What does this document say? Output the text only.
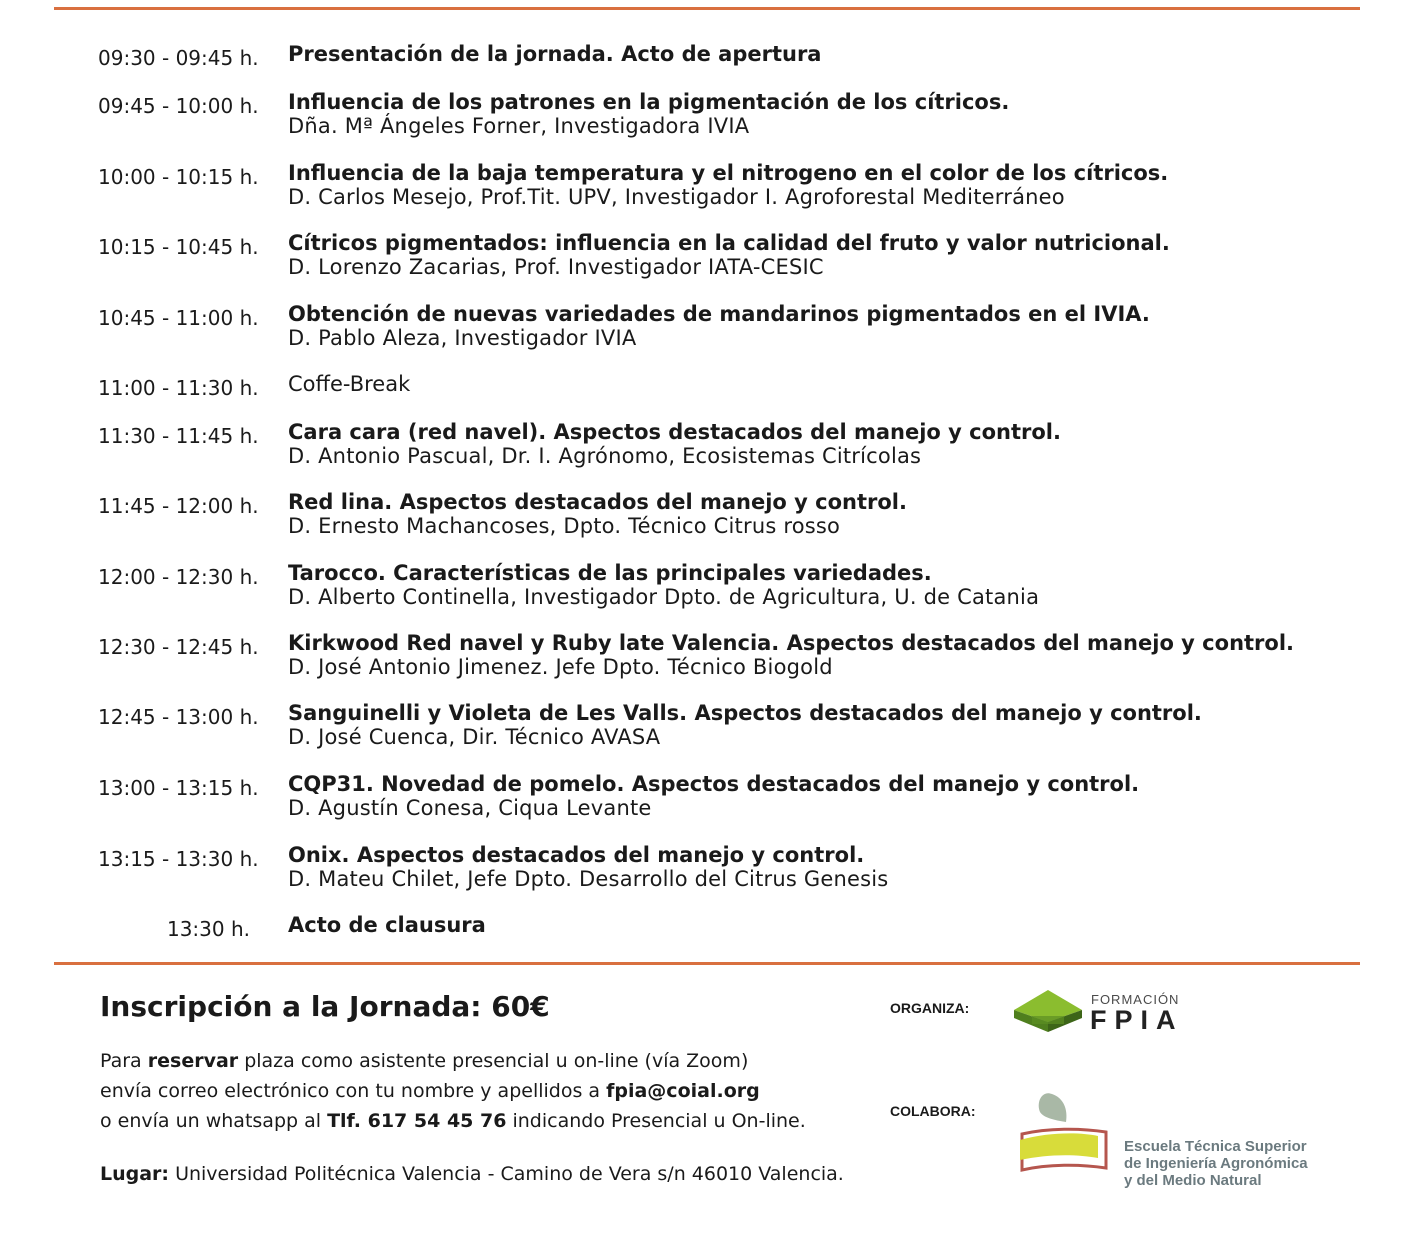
09:30 - 09:45 h. Presentación de la jornada. Acto de apertura
09:45 - 10:00 h. Influencia de los patrones en la pigmentación de los cítricos.
Dña. Mª Ángeles Forner, Investigadora IVIA
10:00 - 10:15 h. Influencia de la baja temperatura y el nitrogeno en el color de los cítricos.
D. Carlos Mesejo, Prof.Tit. UPV, Investigador I. Agroforestal Mediterráneo
10:15 - 10:45 h. Cítricos pigmentados: influencia en la calidad del fruto y valor nutricional.
D. Lorenzo Zacarias, Prof. Investigador IATA-CESIC
10:45 - 11:00 h. Obtención de nuevas variedades de mandarinos pigmentados en el IVIA.
D. Pablo Aleza, Investigador IVIA
11:00 - 11:30 h. Coffe-Break
11:30 - 11:45 h. Cara cara (red navel). Aspectos destacados del manejo y control.
D. Antonio Pascual, Dr. I. Agrónomo, Ecosistemas Citrícolas
11:45 - 12:00 h. Red lina. Aspectos destacados del manejo y control.
D. Ernesto Machancoses, Dpto. Técnico Citrus rosso
12:00 - 12:30 h. Tarocco. Características de las principales variedades.
D. Alberto Continella, Investigador Dpto. de Agricultura, U. de Catania
12:30 - 12:45 h. Kirkwood Red navel y Ruby late Valencia. Aspectos destacados del manejo y control.
D. José Antonio Jimenez. Jefe Dpto. Técnico Biogold
12:45 - 13:00 h. Sanguinelli y Violeta de Les Valls. Aspectos destacados del manejo y control.
D. José Cuenca, Dir. Técnico AVASA
13:00 - 13:15 h. CQP31. Novedad de pomelo. Aspectos destacados del manejo y control.
D. Agustín Conesa, Ciqua Levante
13:15 - 13:30 h. Onix. Aspectos destacados del manejo y control.
D. Mateu Chilet, Jefe Dpto. Desarrollo del Citrus Genesis
13:30 h. Acto de clausura
Inscripción a la Jornada: 60€
Para reservar plaza como asistente presencial u on-line (vía Zoom)
envía correo electrónico con tu nombre y apellidos a fpia@coial.org
o envía un whatsapp al Tlf. 617 54 45 76 indicando Presencial u On-line.
Lugar: Universidad Politécnica Valencia - Camino de Vera s/n 46010 Valencia.
ORGANIZA:
FORMACIÓN
FPIA
COLABORA:
Escuela Técnica Superior
de Ingeniería Agronómica
y del Medio Natural
